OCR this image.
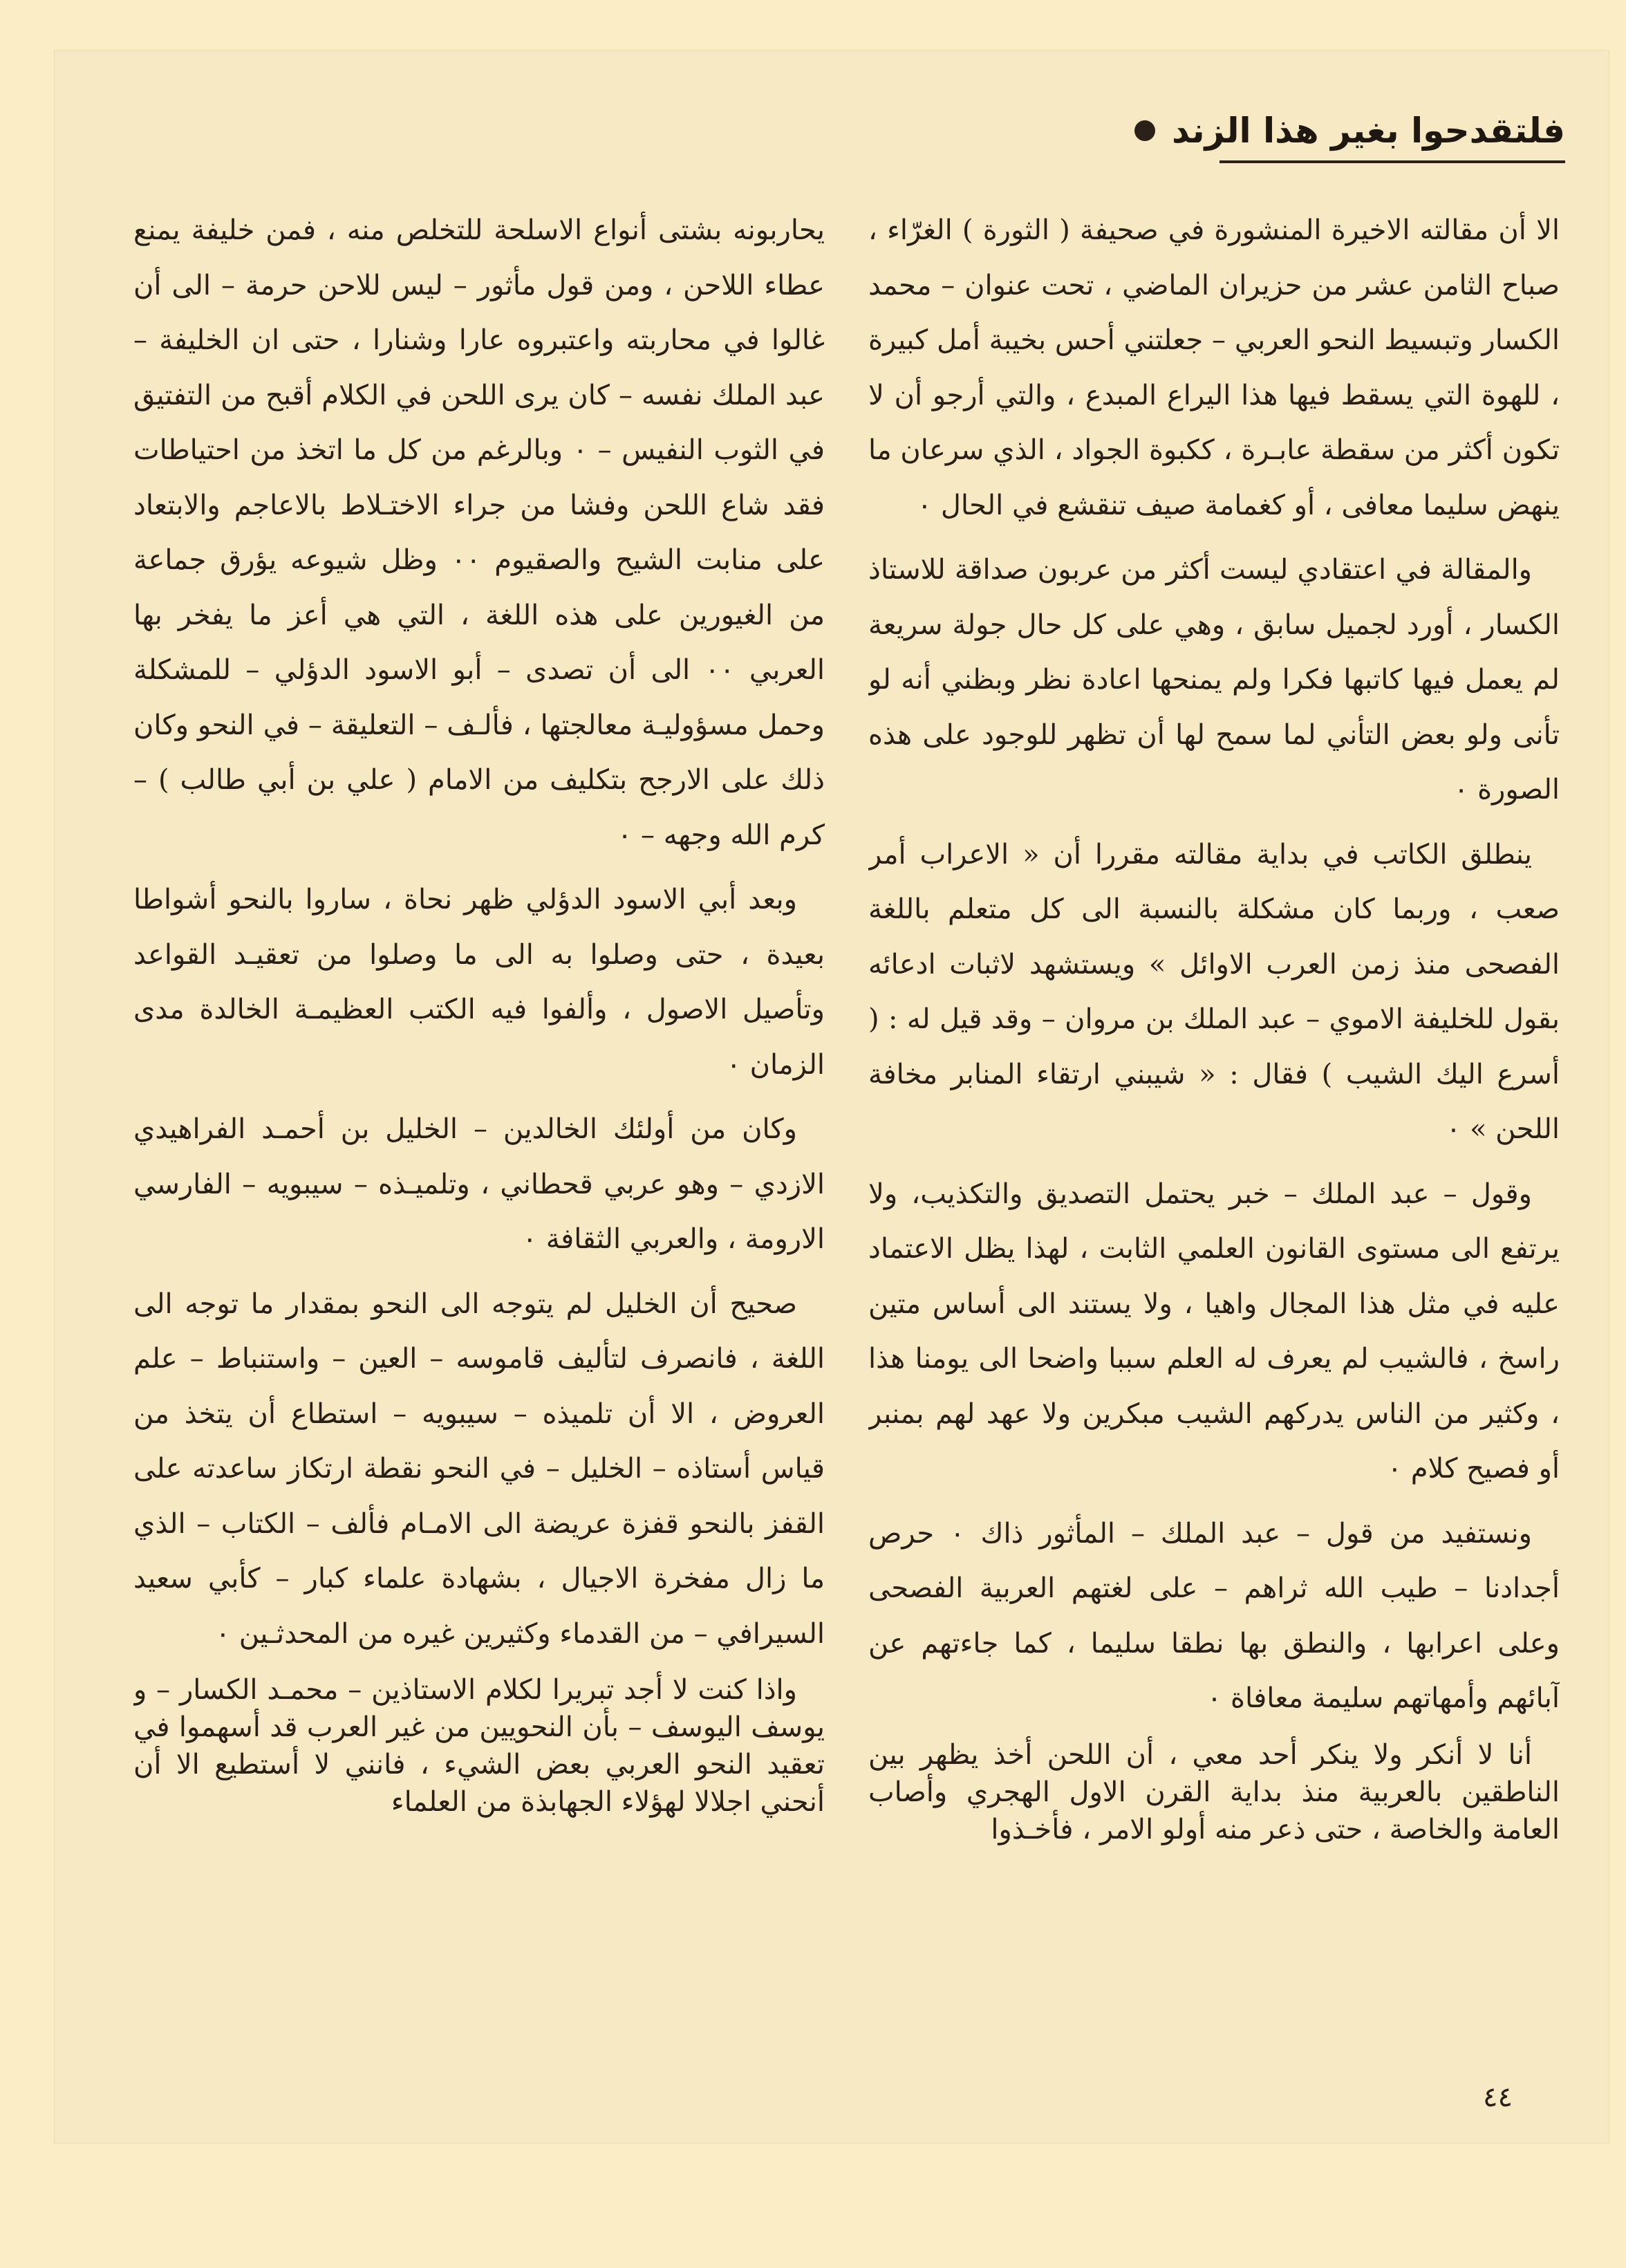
فلتقدحوا بغير هذا الزند

الا أن مقالته الاخيرة المنشورة في صحيفة ( الثورة ) الغرّاء ، صباح الثامن عشر من حزيران الماضي ، تحت عنوان – محمد الكسار وتبسيط النحو العربي – جعلتني أحس بخيبة أمل كبيرة ، للهوة التي يسقط فيها هذا اليراع المبدع ، والتي أرجو أن لا تكون أكثر من سقطة عابـرة ، ككبوة الجواد ، الذي سرعان ما ينهض سليما معافى ، أو كغمامة صيف تنقشع في الحال ٠

والمقالة في اعتقادي ليست أكثر من عربون صداقة للاستاذ الكسار ، أورد لجميل سابق ، وهي على كل حال جولة سريعة لم يعمل فيها كاتبها فكرا ولم يمنحها اعادة نظر وبظني أنه لو تأنى ولو بعض التأني لما سمح لها أن تظهر للوجود على هذه الصورة ٠

ينطلق الكاتب في بداية مقالته مقررا أن « الاعراب أمر صعب ، وربما كان مشكلة بالنسبة الى كل متعلم باللغة الفصحى منذ زمن العرب الاوائل » ويستشهد لاثبات ادعائه بقول للخليفة الاموي – عبد الملك بن مروان – وقد قيل له : ( أسرع اليك الشيب ) فقال : « شيبني ارتقاء المنابر مخافة اللحن » ٠

وقول – عبد الملك – خبر يحتمل التصديق والتكذيب، ولا يرتفع الى مستوى القانون العلمي الثابت ، لهذا يظل الاعتماد عليه في مثل هذا المجال واهيا ، ولا يستند الى أساس متين راسخ ، فالشيب لم يعرف له العلم سببا واضحا الى يومنا هذا ، وكثير من الناس يدركهم الشيب مبكرين ولا عهد لهم بمنبر أو فصيح كلام ٠

ونستفيد من قول – عبد الملك – المأثور ذاك ٠ حرص أجدادنا – طيب الله ثراهم – على لغتهم العربية الفصحى وعلى اعرابها ، والنطق بها نطقا سليما ، كما جاءتهم عن آبائهم وأمهاتهم سليمة معافاة ٠

أنا لا أنكر ولا ينكر أحد معي ، أن اللحن أخذ يظهر بين الناطقين بالعربية منذ بداية القرن الاول الهجري وأصاب العامة والخاصة ، حتى ذعر منه أولو الامر ، فأخـذوا

يحاربونه بشتى أنواع الاسلحة للتخلص منه ، فمن خليفة يمنع عطاء اللاحن ، ومن قول مأثور – ليس للاحن حرمة – الى أن غالوا في محاربته واعتبروه عارا وشنارا ، حتى ان الخليفة – عبد الملك نفسه – كان يرى اللحن في الكلام أقبح من التفتيق في الثوب النفيس – ٠ وبالرغم من كل ما اتخذ من احتياطات فقد شاع اللحن وفشا من جراء الاختـلاط بالاعاجم والابتعاد على منابت الشيح والصقيوم ٠٠ وظل شيوعه يؤرق جماعة من الغيورين على هذه اللغة ، التي هي أعز ما يفخر بها العربي ٠٠ الى أن تصدى – أبو الاسود الدؤلي – للمشكلة وحمل مسؤوليـة معالجتها ، فألـف – التعليقة – في النحو وكان ذلك على الارجح بتكليف من الامام ( علي بن أبي طالب ) – كرم الله وجهه – ٠

وبعد أبي الاسود الدؤلي ظهر نحاة ، ساروا بالنحو أشواطا بعيدة ، حتى وصلوا به الى ما وصلوا من تعقيـد القواعد وتأصيل الاصول ، وألفوا فيه الكتب العظيمـة الخالدة مدى الزمان ٠

وكان من أولئك الخالدين – الخليل بن أحمـد الفراهيدي الازدي – وهو عربي قحطاني ، وتلميـذه – سيبويه – الفارسي الارومة ، والعربي الثقافة ٠

صحيح أن الخليل لم يتوجه الى النحو بمقدار ما توجه الى اللغة ، فانصرف لتأليف قاموسه – العين – واستنباط – علم العروض ، الا أن تلميذه – سيبويه – استطاع أن يتخذ من قياس أستاذه – الخليل – في النحو نقطة ارتكاز ساعدته على القفز بالنحو قفزة عريضة الى الامـام فألف – الكتاب – الذي ما زال مفخرة الاجيال ، بشهادة علماء كبار – كأبي سعيد السيرافي – من القدماء وكثيرين غيره من المحدثـين ٠

واذا كنت لا أجد تبريرا لكلام الاستاذين – محمـد الكسار – و يوسف اليوسف – بأن النحويين من غير العرب قد أسهموا في تعقيد النحو العربي بعض الشيء ، فانني لا أستطيع الا أن أنحني اجلالا لهؤلاء الجهابذة من العلماء

٤٤
